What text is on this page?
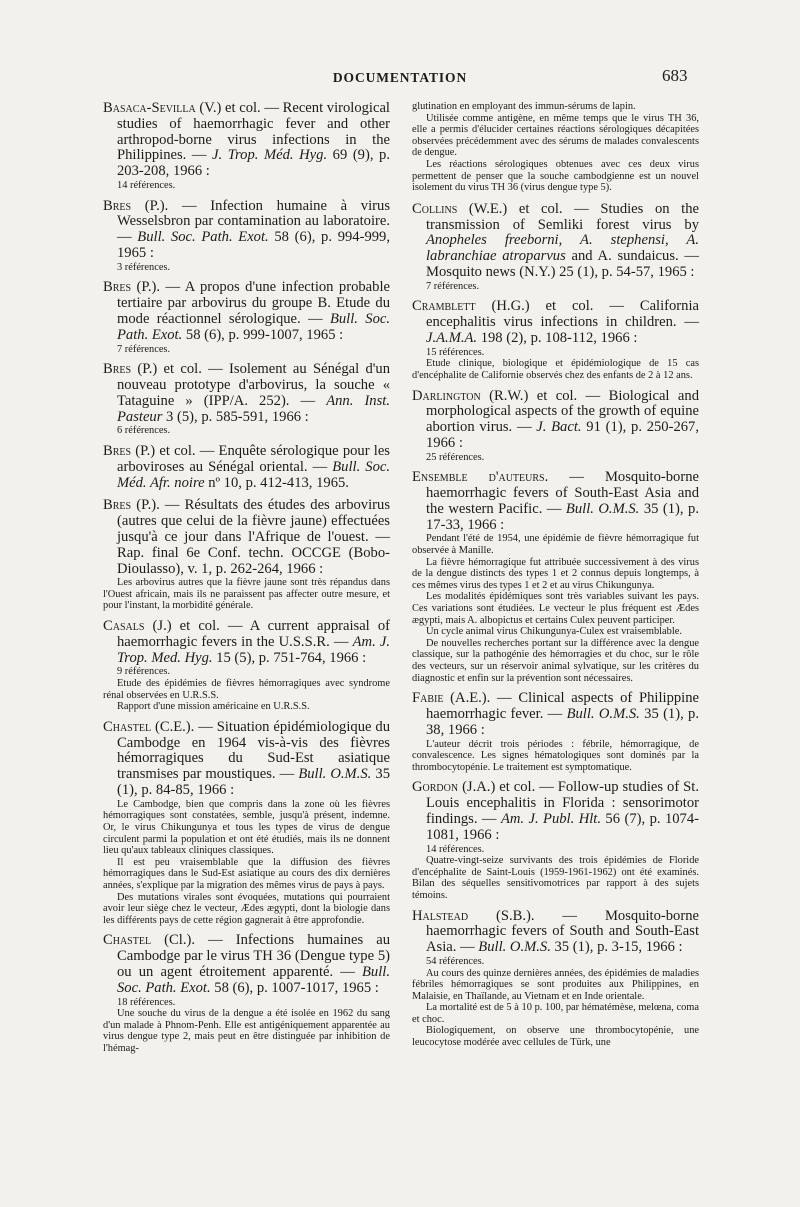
DOCUMENTATION	683

Basaca-Sevilla (V.) et col. — Recent virological studies of haemorrhagic fever and other arthropod-borne virus infections in the Philippines. — J. Trop. Méd. Hyg. 69 (9), p. 203-208, 1966 :

14 références.

Bres (P.). — Infection humaine à virus Wesselsbron par contamination au laboratoire. — Bull. Soc. Path. Exot. 58 (6), p. 994-999, 1965 :

3 références.

Bres (P.). — A propos d'une infection probable tertiaire par arbovirus du groupe B. Etude du mode réactionnel sérologique. — Bull. Soc. Path. Exot. 58 (6), p. 999-1007, 1965 :

7 références.

Bres (P.) et col. — Isolement au Sénégal d'un nouveau prototype d'arbovirus, la souche « Tataguine » (IPP/A. 252). — Ann. Inst. Pasteur 3 (5), p. 585-591, 1966 :

6 références.

Bres (P.) et col. — Enquête sérologique pour les arboviroses au Sénégal oriental. — Bull. Soc. Méd. Afr. noire nº 10, p. 412-413, 1965.

Bres (P.). — Résultats des études des arbovirus (autres que celui de la fièvre jaune) effectuées jusqu'à ce jour dans l'Afrique de l'ouest. — Rap. final 6e Conf. techn. OCCGE (Bobo-Dioulasso), v. 1, p. 262-264, 1966 :

Les arbovirus autres que la fièvre jaune sont très répandus dans l'Ouest africain, mais ils ne paraissent pas affecter outre mesure, et pour l'instant, la morbidité générale.

Casals (J.) et col. — A current appraisal of haemorrhagic fevers in the U.S.S.R. — Am. J. Trop. Med. Hyg. 15 (5), p. 751-764, 1966 :

9 références.

Etude des épidémies de fièvres hémorragiques avec syndrome rénal observées en U.R.S.S.

Rapport d'une mission américaine en U.R.S.S.

Chastel (C.E.). — Situation épidémiologique du Cambodge en 1964 vis-à-vis des fièvres hémorragiques du Sud-Est asiatique transmises par moustiques. — Bull. O.M.S. 35 (1), p. 84-85, 1966 :

Le Cambodge, bien que compris dans la zone où les fièvres hémorragiques sont constatées, semble, jusqu'à présent, indemne. Or, le virus Chikungunya et tous les types de virus de dengue circulent parmi la population et ont été étudiés, mais ils ne donnent lieu qu'aux tableaux cliniques classiques.

Il est peu vraisemblable que la diffusion des fièvres hémorragiques dans le Sud-Est asiatique au cours des dix dernières années, s'explique par la migration des mêmes virus de pays à pays.

Des mutations virales sont évoquées, mutations qui pourraient avoir leur siège chez le vecteur, Ædes ægypti, dont la biologie dans les différents pays de cette région gagnerait à être approfondie.

Chastel (Cl.). — Infections humaines au Cambodge par le virus TH 36 (Dengue type 5) ou un agent étroitement apparenté. — Bull. Soc. Path. Exot. 58 (6), p. 1007-1017, 1965 :

18 références.

Une souche du virus de la dengue a été isolée en 1962 du sang d'un malade à Phnom-Penh. Elle est antigéniquement apparentée au virus dengue type 2, mais peut en être distinguée par inhibition de l'hémag-

glutination en employant des immun-sérums de lapin.

Utilisée comme antigène, en même temps que le virus TH 36, elle a permis d'élucider certaines réactions sérologiques décapitées observées précédemment avec des sérums de malades convalescents de dengue.

Les réactions sérologiques obtenues avec ces deux virus permettent de penser que la souche cambodgienne est un nouvel isolement du virus TH 36 (virus dengue type 5).

Collins (W.E.) et col. — Studies on the transmission of Semliki forest virus by Anopheles freeborni, A. stephensi, A. labranchiae atroparvus and A. sundaicus. — Mosquito news (N.Y.) 25 (1), p. 54-57, 1965 :

7 références.

Cramblett (H.G.) et col. — California encephalitis virus infections in children. — J.A.M.A. 198 (2), p. 108-112, 1966 :

15 références.

Etude clinique, biologique et épidémiologique de 15 cas d'encéphalite de Californie observés chez des enfants de 2 à 12 ans.

Darlington (R.W.) et col. — Biological and morphological aspects of the growth of equine abortion virus. — J. Bact. 91 (1), p. 250-267, 1966 :

25 références.

Ensemble d'auteurs. — Mosquito-borne haemorrhagic fevers of South-East Asia and the western Pacific. — Bull. O.M.S. 35 (1), p. 17-33, 1966 :

Pendant l'été de 1954, une épidémie de fièvre hémorragique fut observée à Manille.

La fièvre hémorragique fut attribuée successivement à des virus de la dengue distincts des types 1 et 2 connus depuis longtemps, à ces mêmes virus des types 1 et 2 et au virus Chikungunya.

Les modalités épidémiques sont très variables suivant les pays. Ces variations sont étudiées. Le vecteur le plus fréquent est Ædes ægypti, mais A. albopictus et certains Culex peuvent participer.

Un cycle animal virus Chikungunya-Culex est vraisemblable.

De nouvelles recherches portant sur la différence avec la dengue classique, sur la pathogénie des hémorragies et du choc, sur le rôle des vecteurs, sur un réservoir animal sylvatique, sur les critères du diagnostic et enfin sur la prévention sont nécessaires.

Fabie (A.E.). — Clinical aspects of Philippine haemorrhagic fever. — Bull. O.M.S. 35 (1), p. 38, 1966 :

L'auteur décrit trois périodes : fébrile, hémorragique, de convalescence. Les signes hématologiques sont dominés par la thrombocytopénie. Le traitement est symptomatique.

Gordon (J.A.) et col. — Follow-up studies of St. Louis encephalitis in Florida : sensorimotor findings. — Am. J. Publ. Hlt. 56 (7), p. 1074-1081, 1966 :

14 références.

Quatre-vingt-seize survivants des trois épidémies de Floride d'encéphalite de Saint-Louis (1959-1961-1962) ont été examinés. Bilan des séquelles sensitivomotrices par rapport à des sujets témoins.

Halstead (S.B.). — Mosquito-borne haemorrhagic fevers of South and South-East Asia. — Bull. O.M.S. 35 (1), p. 3-15, 1966 :

54 références.

Au cours des quinze dernières années, des épidémies de maladies fébriles hémorragiques se sont produites aux Philippines, en Malaisie, en Thaïlande, au Vietnam et en Inde orientale.

La mortalité est de 5 à 10 p. 100, par hématémèse, melœna, coma et choc.

Biologiquement, on observe une thrombocytopénie, une leucocytose modérée avec cellules de Türk, une
